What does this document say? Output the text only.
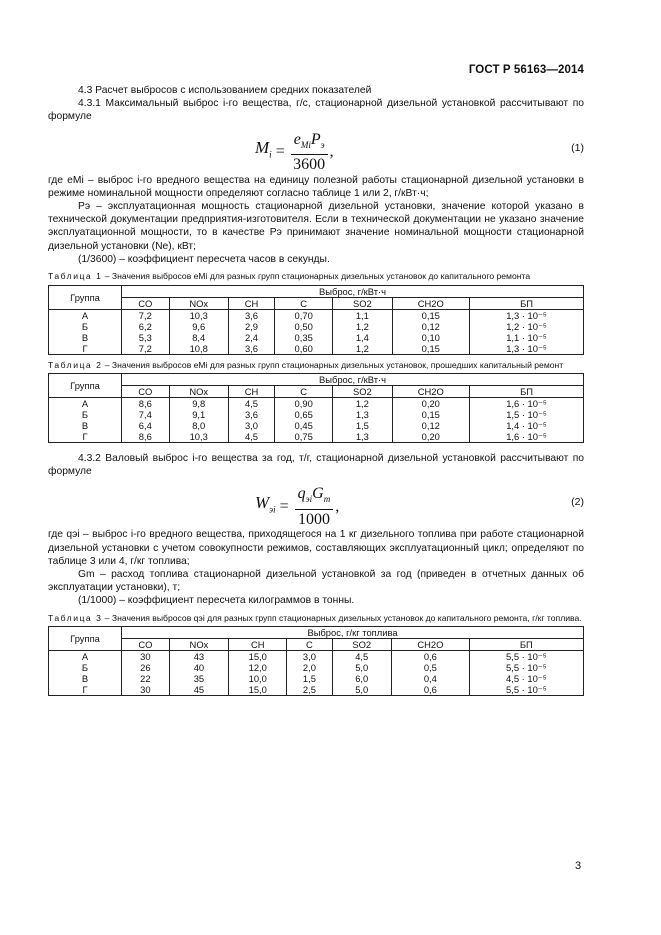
ГОСТ Р 56163—2014

4.3 Расчет выбросов с использованием средних показателей

4.3.1 Максимальный выброс i-го вещества, г/с, стационарной дизельной установкой рассчитывают по формуле

$M_i = \frac{e_{Mi}P_э}{3600}$ ,	(1)

где eMi – выброс i-го вредного вещества на единицу полезной работы стационарной дизельной установки в режиме номинальной мощности определяют согласно таблице 1 или 2, г/кВт·ч;

Pэ – эксплуатационная мощность стационарной дизельной установки, значение которой указано в технической документации предприятия-изготовителя. Если в технической документации не указано значение эксплуатационной мощности, то в качестве Pэ принимают значение номинальной мощности стационарной дизельной установки (Nе), кВт;

(1/3600) – коэффициент пересчета часов в секунды.

Таблица 1 – Значения выбросов eMi для разных групп стационарных дизельных установок до капитального ремонта

Группа	Выброс, г/кВт·ч						
	CO	NOx	CH	C	SO2	CH2O	БП
А	7,2	10,3	3,6	0,70	1,1	0,15	1,3 · 10⁻⁵
Б	6,2	9,6	2,9	0,50	1,2	0,12	1,2 · 10⁻⁵
В	5,3	8,4	2,4	0,35	1,4	0,10	1,1 · 10⁻⁵
Г	7,2	10,8	3,6	0,60	1,2	0,15	1,3 · 10⁻⁵

Таблица 2 – Значения выбросов eMi для разных групп стационарных дизельных установок, прошедших капитальный ремонт

Группа	Выброс, г/кВт·ч						
	CO	NOx	CH	C	SO2	CH2O	БП
А	8,6	9,8	4,5	0,90	1,2	0,20	1,6 · 10⁻⁵
Б	7,4	9,1	3,6	0,65	1,3	0,15	1,5 · 10⁻⁵
В	6,4	8,0	3,0	0,45	1,5	0,12	1,4 · 10⁻⁵
Г	8,6	10,3	4,5	0,75	1,3	0,20	1,6 · 10⁻⁵

4.3.2 Валовый выброс i-го вещества за год, т/г, стационарной дизельной установкой рассчитывают по формуле

$W_{эi} = \frac{q_{эi}G_m}{1000}$ ,	(2)

где qэi – выброс i-го вредного вещества, приходящегося на 1 кг дизельного топлива при работе стационарной дизельной установки с учетом совокупности режимов, составляющих эксплуатационный цикл; определяют по таблице 3 или 4, г/кг топлива;

Gm – расход топлива стационарной дизельной установкой за год (приведен в отчетных данных об эксплуатации установки), т;

(1/1000) – коэффициент пересчета килограммов в тонны.

Таблица 3 – Значения выбросов qэi для разных групп стационарных дизельных установок до капитального ремонта, г/кг топлива.

Группа	Выброс, г/кг топлива						
	CO	NOx	CH	C	SO2	CH2O	БП
А	30	43	15,0	3,0	4,5	0,6	5,5 · 10⁻⁵
Б	26	40	12,0	2,0	5,0	0,5	5,5 · 10⁻⁵
В	22	35	10,0	1,5	6,0	0,4	4,5 · 10⁻⁵
Г	30	45	15,0	2,5	5,0	0,6	5,5 · 10⁻⁵
3
